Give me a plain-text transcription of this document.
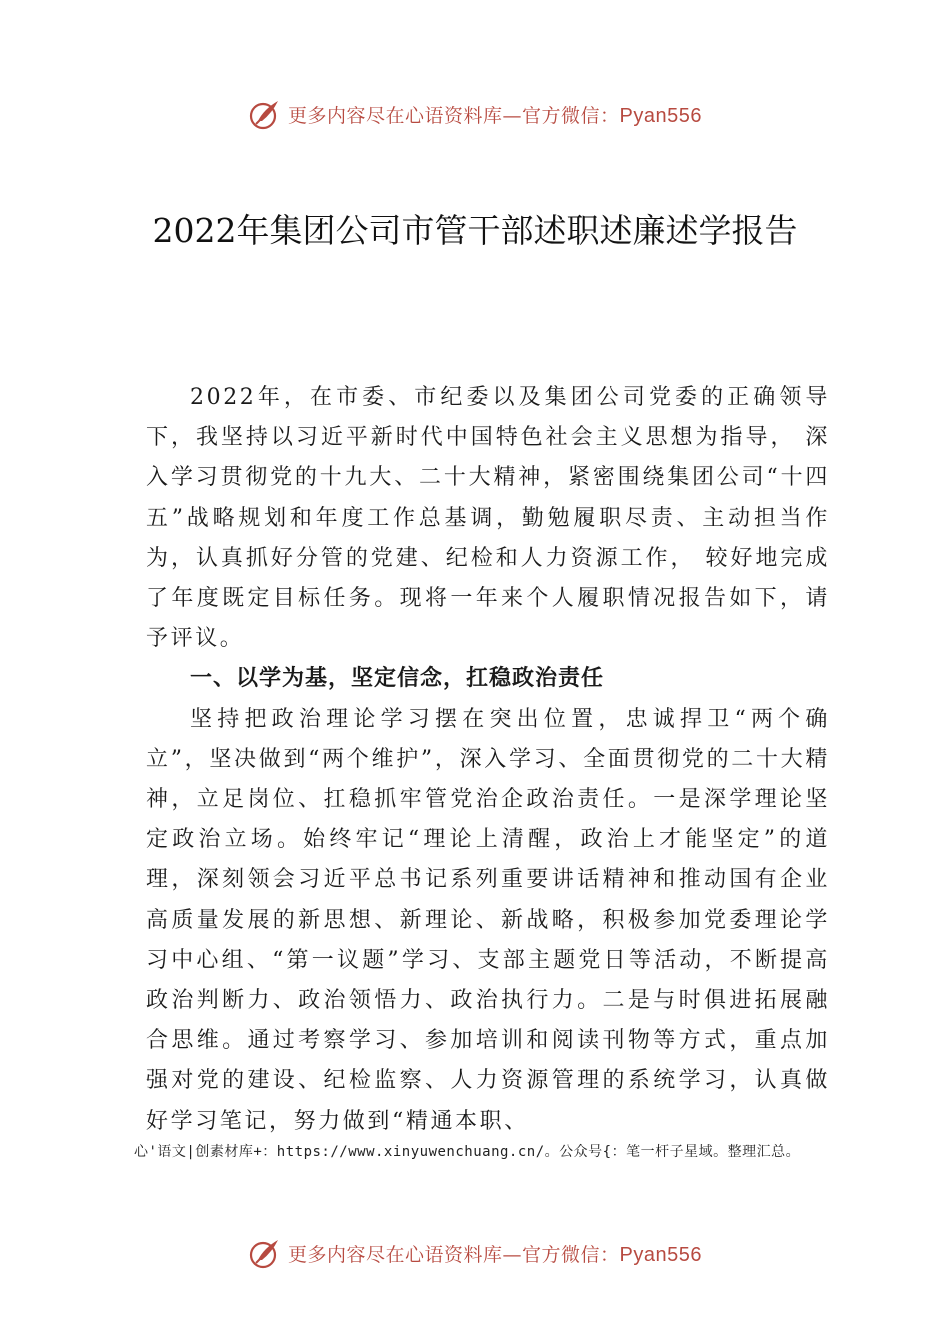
更多内容尽在心语资料库—官方微信：Pyan556
2022年集团公司市管干部述职述廉述学报告

2022年，在市委、市纪委以及集团公司党委的正确领导下，我坚持以习近平新时代中国特色社会主义思想为指导， 深入学习贯彻党的十九大、二十大精神，紧密围绕集团公司“十四五”战略规划和年度工作总基调，勤勉履职尽责、主动担当作为，认真抓好分管的党建、纪检和人力资源工作， 较好地完成了年度既定目标任务。现将一年来个人履职情况报告如下，请予评议。

一、以学为基，坚定信念，扛稳政治责任

坚持把政治理论学习摆在突出位置，忠诚捍卫“两个确立”，坚决做到“两个维护”，深入学习、全面贯彻党的二十大精神，立足岗位、扛稳抓牢管党治企政治责任。一是深学理论坚定政治立场。始终牢记“理论上清醒，政治上才能坚定”的道理，深刻领会习近平总书记系列重要讲话精神和推动国有企业高质量发展的新思想、新理论、新战略，积极参加党委理论学习中心组、“第一议题”学习、支部主题党日等活动，不断提高政治判断力、政治领悟力、政治执行力。二是与时俱进拓展融合思维。通过考察学习、参加培训和阅读刊物等方式，重点加强对党的建设、纪检监察、人力资源管理的系统学习，认真做好学习笔记，努力做到“精通本职、

心'语文|创素材库+：https://www.xinyuwenchuang.cn/。公众号{：笔一杆子星域。整理汇总。
更多内容尽在心语资料库—官方微信：Pyan556
